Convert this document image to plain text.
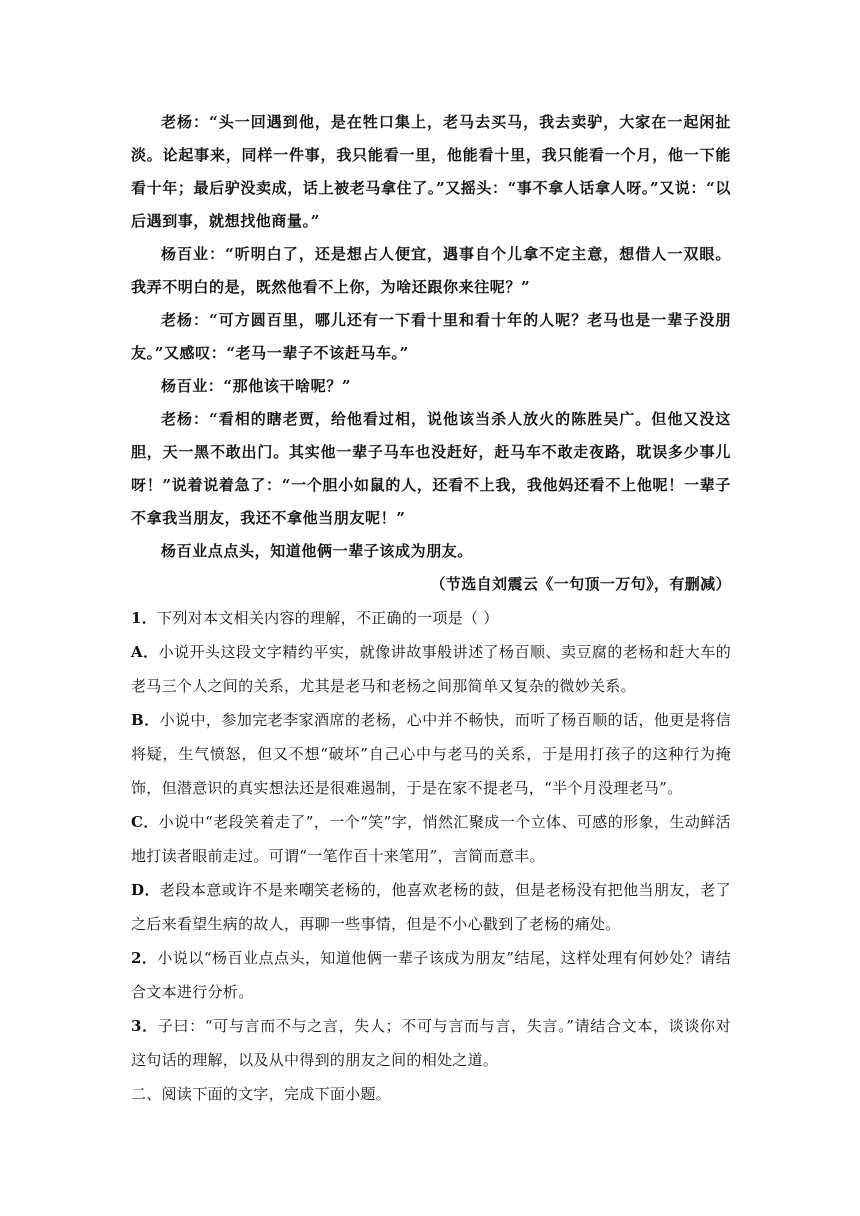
老杨：“头一回遇到他，是在牲口集上，老马去买马，我去卖驴，大家在一起闲扯淡。论起事来，同样一件事，我只能看一里，他能看十里，我只能看一个月，他一下能看十年；最后驴没卖成，话上被老马拿住了。”又摇头：“事不拿人话拿人呀。”又说：“以后遇到事，就想找他商量。”

杨百业：“听明白了，还是想占人便宜，遇事自个儿拿不定主意，想借人一双眼。我弄不明白的是，既然他看不上你，为啥还跟你来往呢？”

老杨：“可方圆百里，哪儿还有一下看十里和看十年的人呢？老马也是一辈子没朋友。”又感叹：“老马一辈子不该赶马车。”

杨百业：“那他该干啥呢？”

老杨：“看相的瞎老贾，给他看过相，说他该当杀人放火的陈胜吴广。但他又没这胆，天一黑不敢出门。其实他一辈子马车也没赶好，赶马车不敢走夜路，耽误多少事儿呀！”说着说着急了：“一个胆小如鼠的人，还看不上我，我他妈还看不上他呢！一辈子不拿我当朋友，我还不拿他当朋友呢！”

杨百业点点头，知道他俩一辈子该成为朋友。

（节选自刘震云《一句顶一万句》，有删减）

1．下列对本文相关内容的理解，不正确的一项是（ ）

A．小说开头这段文字精约平实，就像讲故事般讲述了杨百顺、卖豆腐的老杨和赶大车的老马三个人之间的关系，尤其是老马和老杨之间那简单又复杂的微妙关系。

B．小说中，参加完老李家酒席的老杨，心中并不畅快，而听了杨百顺的话，他更是将信将疑，生气愤怒，但又不想“破坏”自己心中与老马的关系，于是用打孩子的这种行为掩饰，但潜意识的真实想法还是很难遏制，于是在家不提老马，“半个月没理老马”。

C．小说中“老段笑着走了”，一个“笑”字，悄然汇聚成一个立体、可感的形象，生动鲜活地打读者眼前走过。可谓“一笔作百十来笔用”，言简而意丰。

D．老段本意或许不是来嘲笑老杨的，他喜欢老杨的鼓，但是老杨没有把他当朋友，老了之后来看望生病的故人，再聊一些事情，但是不小心戳到了老杨的痛处。

2．小说以“杨百业点点头，知道他俩一辈子该成为朋友”结尾，这样处理有何妙处？请结合文本进行分析。

3．子曰：“可与言而不与之言，失人；不可与言而与言，失言。”请结合文本，谈谈你对这句话的理解，以及从中得到的朋友之间的相处之道。

二、阅读下面的文字，完成下面小题。
